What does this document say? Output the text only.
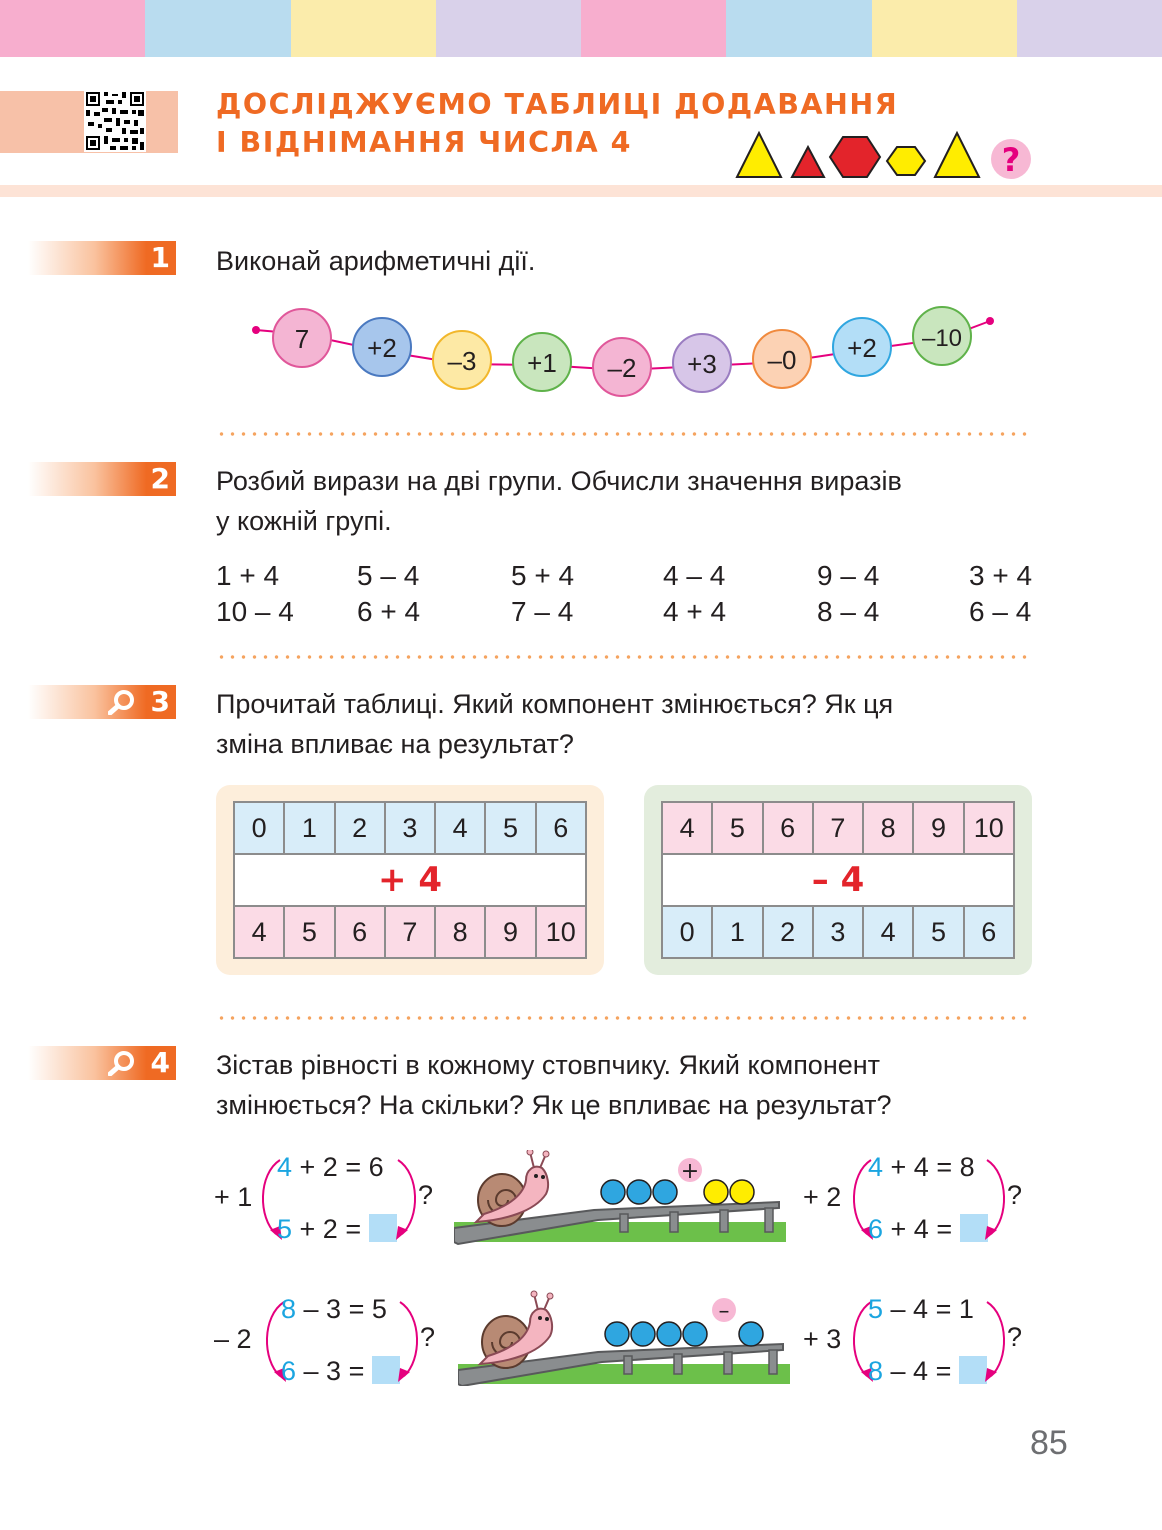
ДОСЛІДЖУЄМО ТАБЛИЦІ ДОДАВАННЯ
І ВІДНІМАННЯ ЧИСЛА 4	?
1 Виконай арифметичні дії.
7 +2 –3 +1 –2 +3 –0 +2 –10
2 Розбий вирази на дві групи. Обчисли значення виразів
у кожній групі.
1 + 4	5 – 4	5 + 4	4 – 4	9 – 4	3 + 4
10 – 4	6 + 4	7 – 4	4 + 4	8 – 4	6 – 4
3 Прочитай таблиці. Який компонент змінюється? Як ця
зміна впливає на результат?
0	1	2	3	4	5	6
+ 4						
4	5	6	7	8	9	10
4	5	6	7	8	9	10
– 4						
0	1	2	3	4	5	6
4 Зістав рівності в кожному стовпчику. Який компонент
змінюється? На скільки? Як це впливає на результат?
+ 1
4 + 2 = 6
5 + 2 =
?
+
+ 2
4 + 4 = 8
6 + 4 =
?
– 2
8 – 3 = 5
6 – 3 =
?
–
+ 3
5 – 4 = 1
8 – 4 =
?
85
